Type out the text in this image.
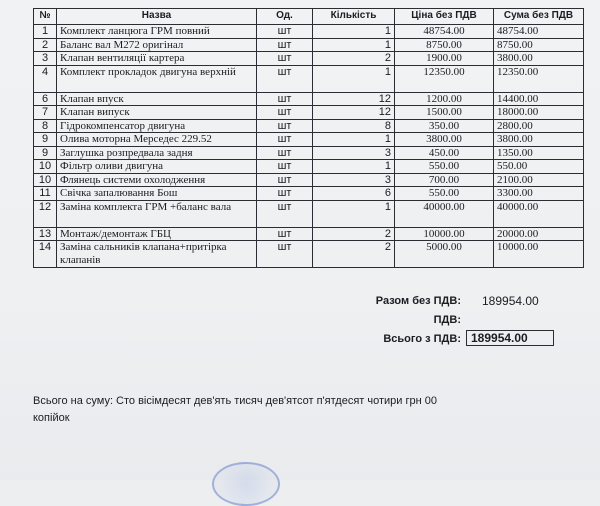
№	Назва	Од.	Кількість	Ціна без ПДВ	Сума без ПДВ
1	Комплект ланцюга ГРМ повний	шт	1	48754.00	48754.00
2	Баланс вал М272 оригінал	шт	1	8750.00	8750.00
3	Клапан вентиляції картера	шт	2	1900.00	3800.00
4	Комплект прокладок двигуна верхній	шт	1	12350.00	12350.00
6	Клапан впуск	шт	12	1200.00	14400.00
7	Клапан випуск	шт	12	1500.00	18000.00
8	Гідрокомпенсатор двигуна	шт	8	350.00	2800.00
9	Олива моторна Мерседес 229.52	шт	1	3800.00	3800.00
9	Заглушка розпредвала задня	шт	3	450.00	1350.00
10	Фільтр оливи двигуна	шт	1	550.00	550.00
10	Флянець системи охолодження	шт	3	700.00	2100.00
11	Свічка запалювання Бош	шт	6	550.00	3300.00
12	Заміна комплекта ГРМ +баланс вала	шт	1	40000.00	40000.00
13	Монтаж/демонтаж ГБЦ	шт	2	10000.00	20000.00
14	Заміна сальників клапана+притірка клапанів	шт	2	5000.00	10000.00
Разом без ПДВ: 189954.00
ПДВ:
Всього з ПДВ: 189954.00
Всього на суму: Сто вісімдесят дев'ять тисяч дев'ятсот п'ятдесят чотири грн 00 копійок
